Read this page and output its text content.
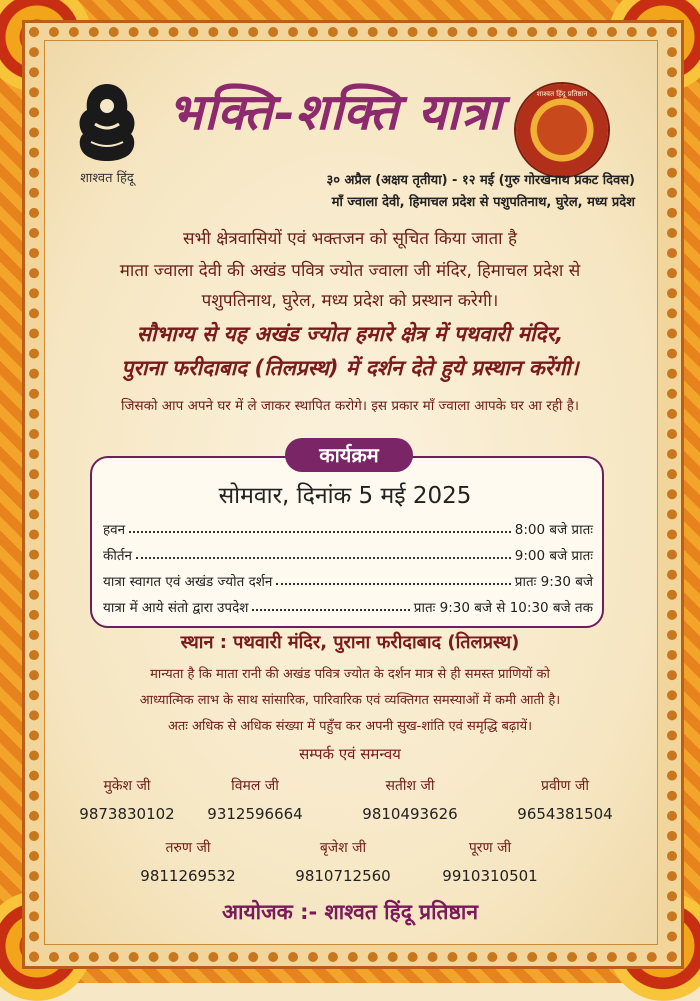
शाश्वत हिंदू
शाश्वत हिंदू प्रतिष्ठान
भक्ति-शक्ति यात्रा
३० अप्रैल (अक्षय तृतीया) - १२ मई (गुरु गोरखनाथ प्रकट दिवस)
माँ ज्वाला देवी, हिमाचल प्रदेश से पशुपतिनाथ, घुरेल, मध्य प्रदेश
सभी क्षेत्रवासियों एवं भक्तजन को सूचित किया जाता है
माता ज्वाला देवी की अखंड पवित्र ज्योत ज्वाला जी मंदिर, हिमाचल प्रदेश से
पशुपतिनाथ, घुरेल, मध्य प्रदेश को प्रस्थान करेगी।
सौभाग्य से यह अखंड ज्योत हमारे क्षेत्र में पथवारी मंदिर,
पुराना फरीदाबाद (तिलप्रस्थ) में दर्शन देते हुये प्रस्थान करेंगी।
जिसको आप अपने घर में ले जाकर स्थापित करोगे। इस प्रकार माँ ज्वाला आपके घर आ रही है।
कार्यक्रम
सोमवार, दिनांक 5 मई 2025
हवन	8:00 बजे प्रातः
कीर्तन	9:00 बजे प्रातः
यात्रा स्वागत एवं अखंड ज्योत दर्शन	प्रातः 9:30 बजे
यात्रा में आये संतो द्वारा उपदेश	प्रातः 9:30 बजे से 10:30 बजे तक
स्थान : पथवारी मंदिर, पुराना फरीदाबाद (तिलप्रस्थ)
मान्यता है कि माता रानी की अखंड पवित्र ज्योत के दर्शन मात्र से ही समस्त प्राणियों को
आध्यात्मिक लाभ के साथ सांसारिक, पारिवारिक एवं व्यक्तिगत समस्याओं में कमी आती है।
अतः अधिक से अधिक संख्या में पहुँच कर अपनी सुख-शांति एवं समृद्धि बढ़ायें।
सम्पर्क एवं समन्वय
मुकेश जी
9873830102
विमल जी
9312596664
सतीश जी
9810493626
प्रवीण जी
9654381504
तरुण जी
9811269532
बृजेश जी
9810712560
पूरण जी
9910310501
आयोजक :- शाश्वत हिंदू प्रतिष्ठान
